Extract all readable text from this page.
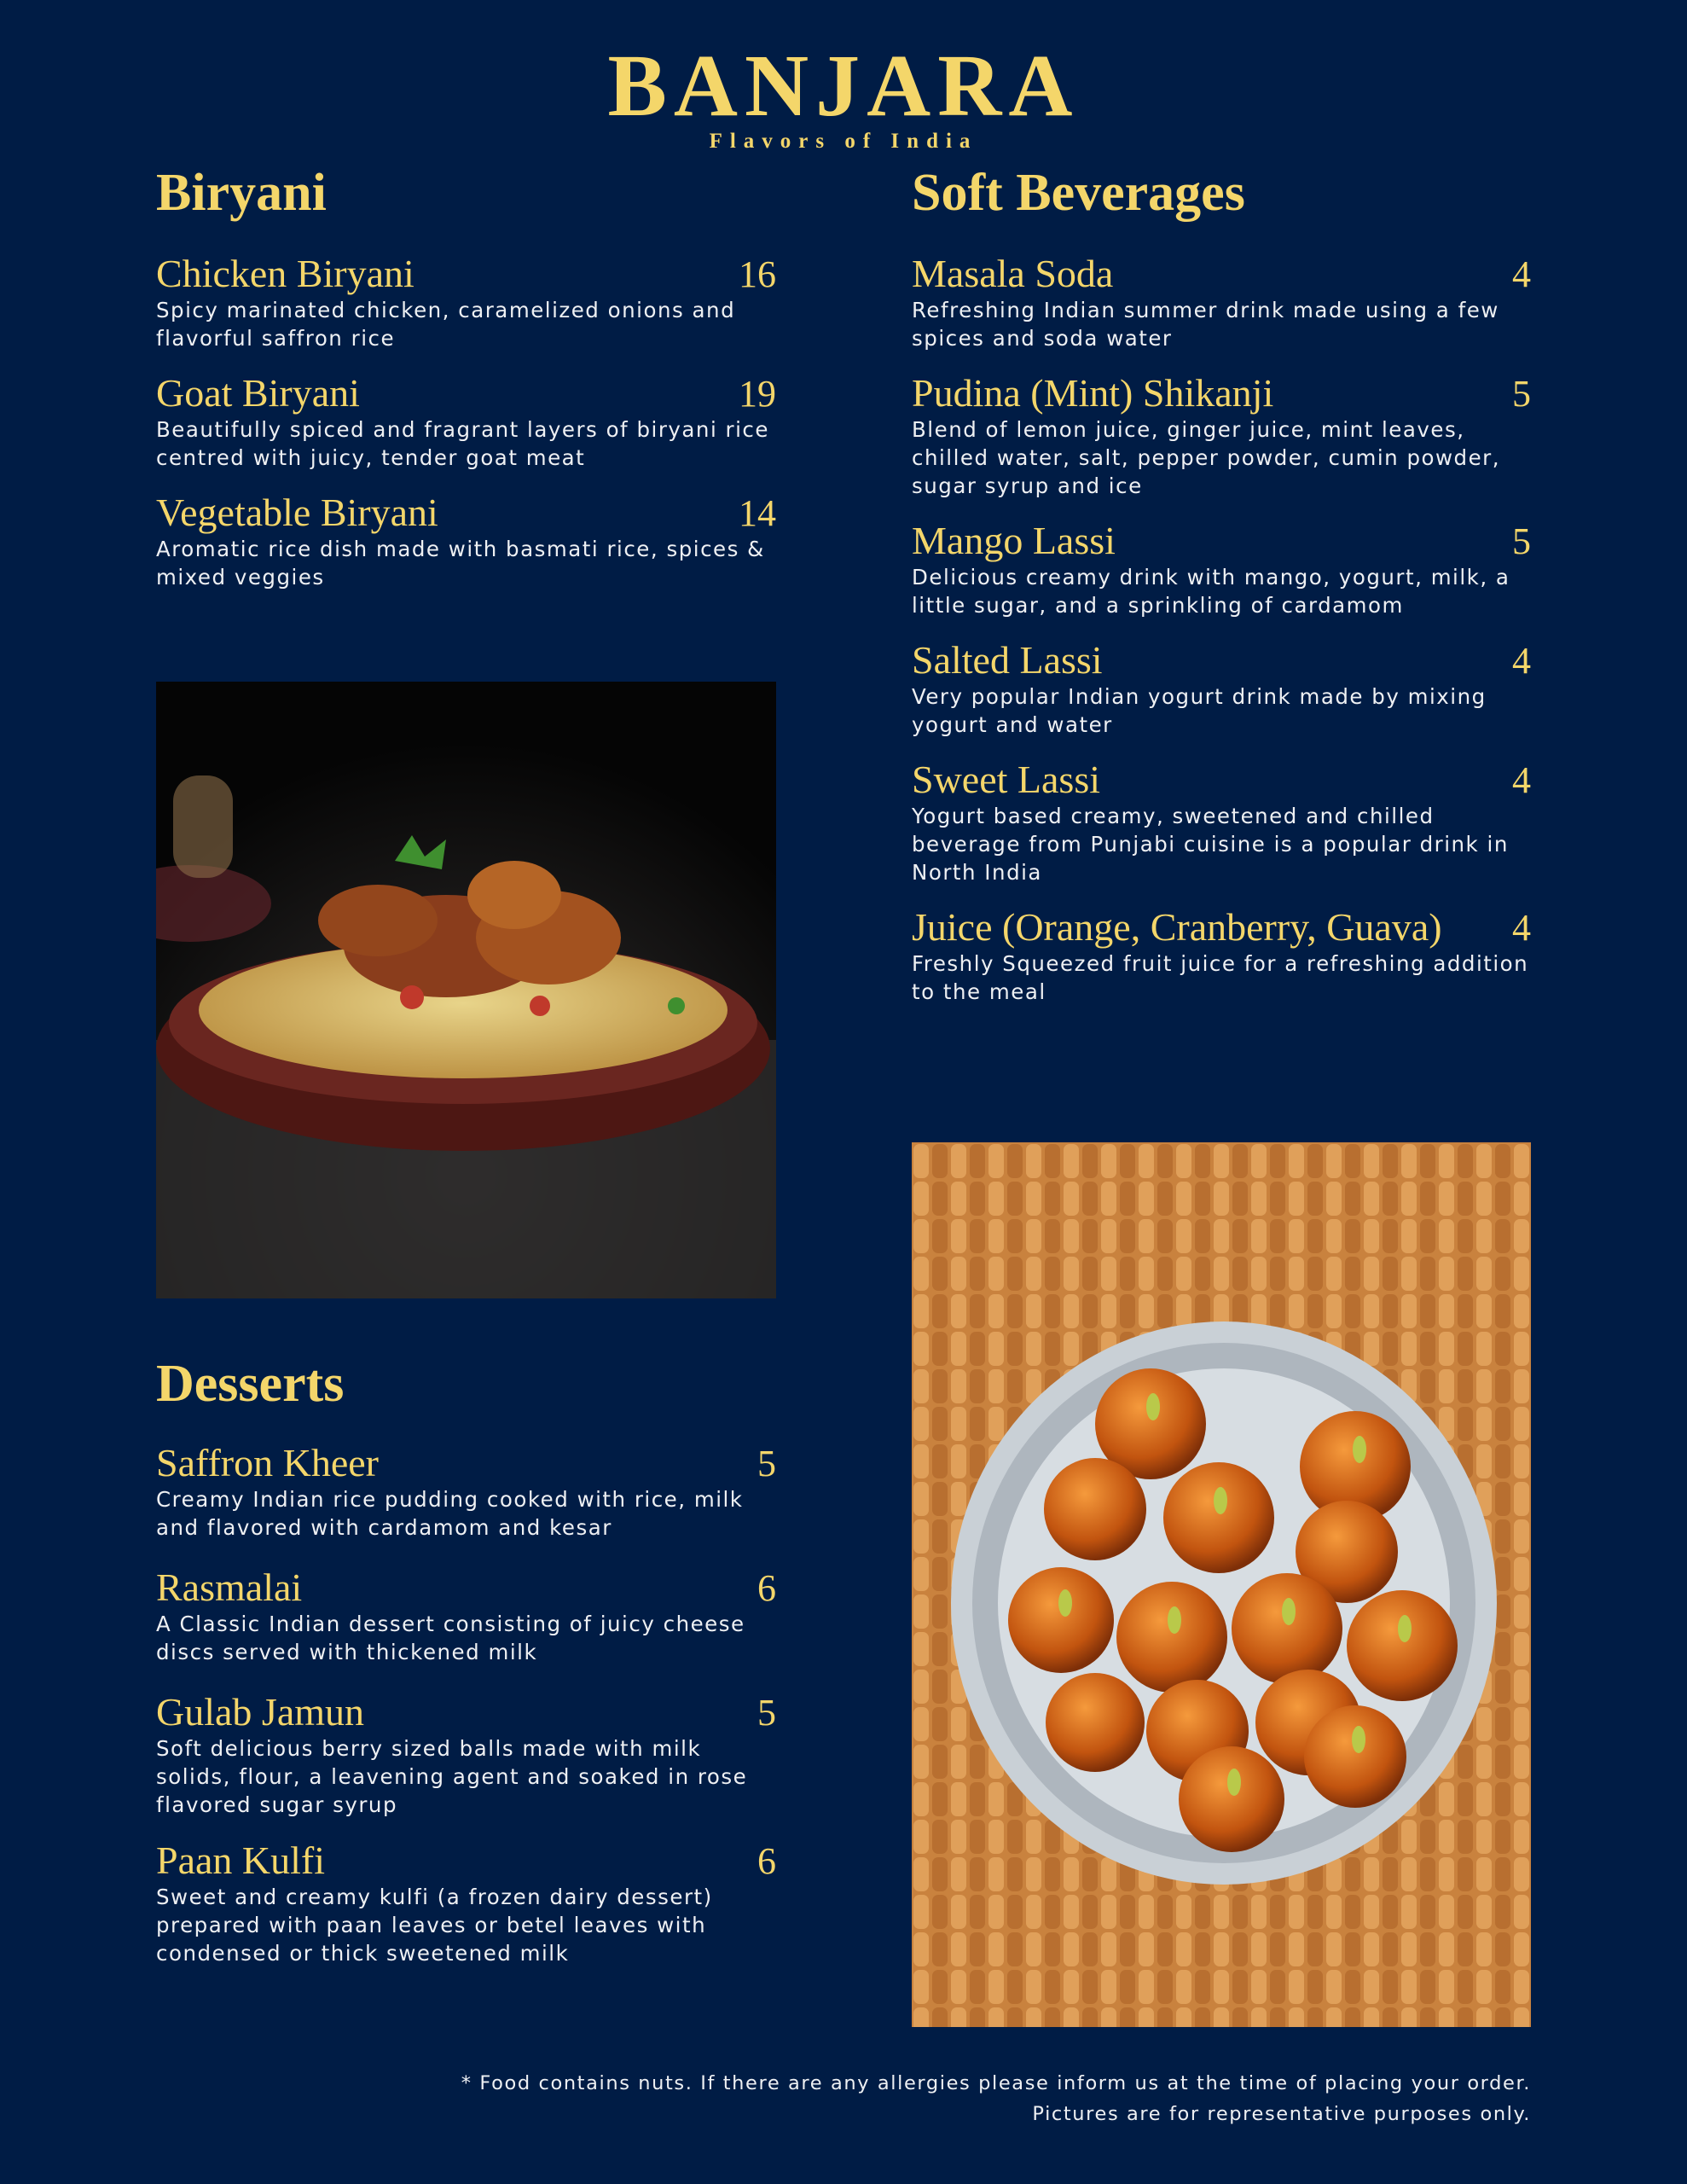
BANJARA
Flavors of India
Biryani
Chicken Biryani	16
Spicy marinated chicken, caramelized onions and flavorful saffron rice
Goat Biryani	19
Beautifully spiced and fragrant layers of biryani rice centred with juicy, tender goat meat
Vegetable Biryani	14
Aromatic rice dish made with basmati rice, spices & mixed veggies
Desserts
Saffron Kheer	5
Creamy Indian rice pudding cooked with rice, milk and flavored with cardamom and kesar
Rasmalai	6
A Classic Indian dessert consisting of juicy cheese discs served with thickened milk
Gulab Jamun	5
Soft delicious berry sized balls made with milk solids, flour, a leavening agent and soaked in rose flavored sugar syrup
Paan Kulfi	6
Sweet and creamy kulfi (a frozen dairy dessert) prepared with paan leaves or betel leaves with condensed or thick sweetened milk
Soft Beverages
Masala Soda	4
Refreshing Indian summer drink made using a few spices and soda water
Pudina (Mint) Shikanji	5
Blend of lemon juice, ginger juice, mint leaves, chilled water, salt, pepper powder, cumin powder, sugar syrup and ice
Mango Lassi	5
Delicious creamy drink with mango, yogurt, milk, a little sugar, and a sprinkling of cardamom
Salted Lassi	4
Very popular Indian yogurt drink made by mixing yogurt and water
Sweet Lassi	4
Yogurt based creamy, sweetened and chilled beverage from Punjabi cuisine is a popular drink in North India
Juice (Orange, Cranberry, Guava) 4
Freshly Squeezed fruit juice for a refreshing addition to the meal
* Food contains nuts. If there are any allergies please inform us at the time of placing your order.
Pictures are for representative purposes only.
